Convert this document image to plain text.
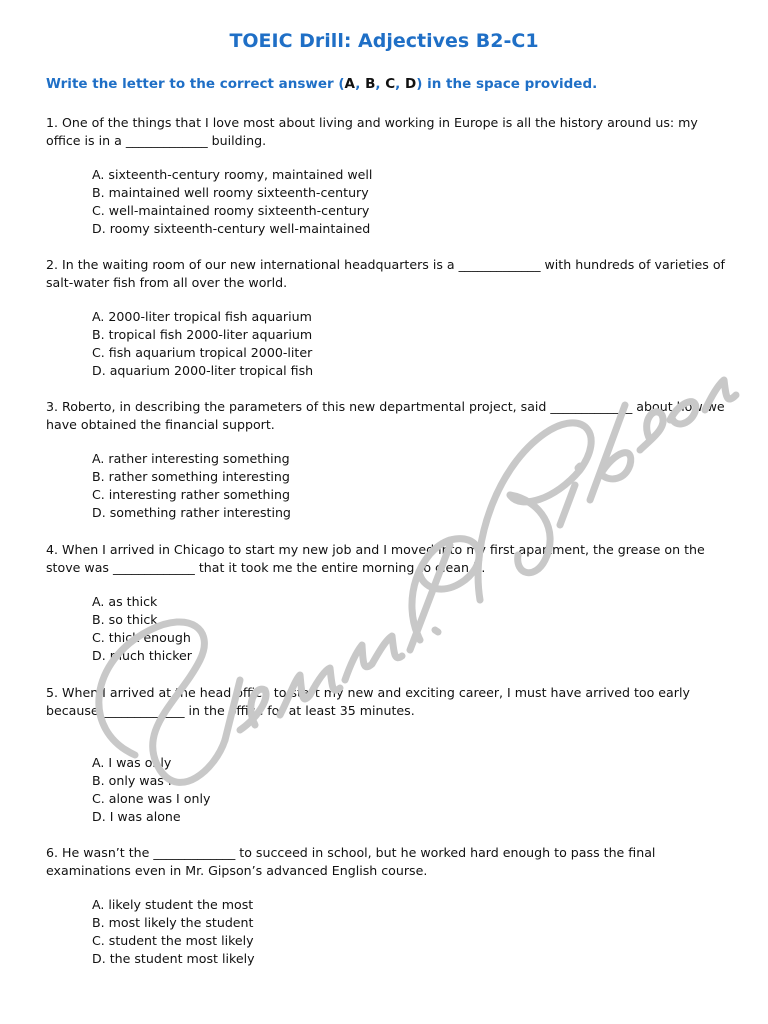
TOEIC Drill: Adjectives B2-C1
Write the letter to the correct answer (A, B, C, D) in the space provided.

1. One of the things that I love most about living and working in Europe is all the history around us: my office is in a _____________ building.

A. sixteenth-century roomy, maintained well
B. maintained well roomy sixteenth-century
C. well-maintained roomy sixteenth-century
D. roomy sixteenth-century well-maintained

2. In the waiting room of our new international headquarters is a _____________ with hundreds of varieties of salt-water fish from all over the world.

A. 2000-liter tropical fish aquarium
B. tropical fish 2000-liter aquarium
C. fish aquarium tropical 2000-liter
D. aquarium 2000-liter tropical fish

3. Roberto, in describing the parameters of this new departmental project, said _____________ about how we have obtained the financial support.

A. rather interesting something
B. rather something interesting
C. interesting rather something
D. something rather interesting

4. When I arrived in Chicago to start my new job and I moved into my first apartment, the grease on the stove was _____________ that it took me the entire morning to clean it.

A. as thick
B. so thick
C. thick enough
D. much thicker

5. When I arrived at the head office to start my new and exciting career, I must have arrived too early because _____________ in the office for at least 35 minutes.

A. I was only
B. only was I
C. alone was I only
D. I was alone

6. He wasn’t the _____________ to succeed in school, but he worked hard enough to pass the final examinations even in Mr. Gipson’s advanced English course.

A. likely student the most
B. most likely the student
C. student the most likely
D. the student most likely
